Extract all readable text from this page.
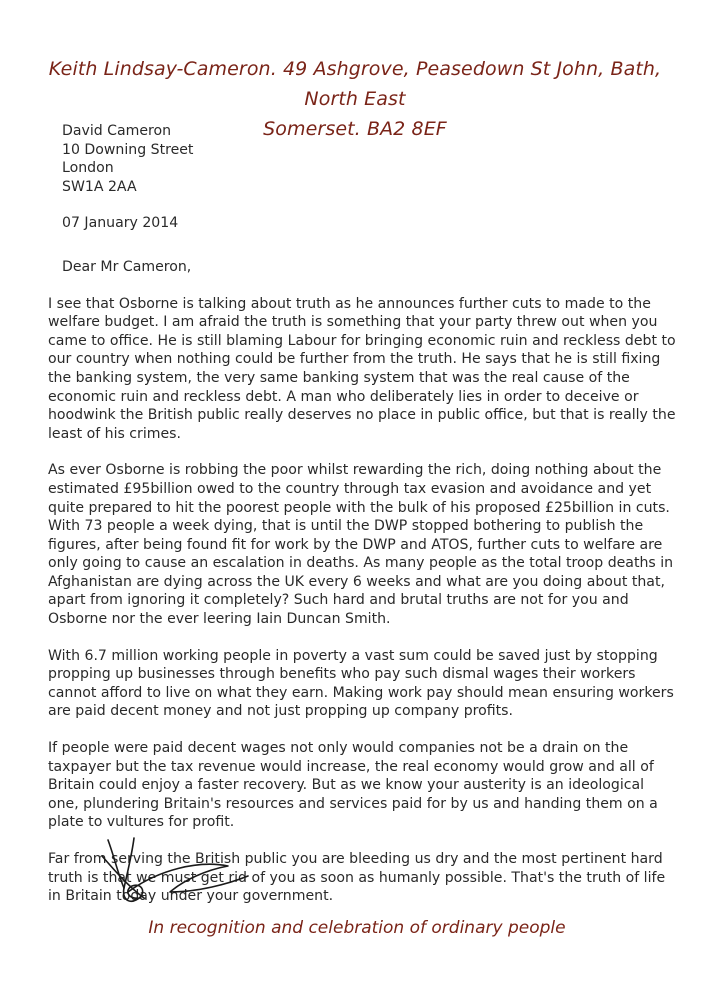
Keith Lindsay-Cameron. 49 Ashgrove, Peasedown St John, Bath, North East
Somerset. BA2 8EF
David Cameron
10 Downing Street
London
SW1A 2AA
07 January 2014
Dear Mr Cameron,

I see that Osborne is talking about truth as he announces further cuts to made to the welfare budget. I am afraid the truth is something that your party threw out when you came to office. He is still blaming Labour for bringing economic ruin and reckless debt to our country when nothing could be further from the truth. He says that he is still fixing the banking system, the very same banking system that was the real cause of the economic ruin and reckless debt. A man who deliberately lies in order to deceive or hoodwink the British public really deserves no place in public office, but that is really the least of his crimes.

As ever Osborne is robbing the poor whilst rewarding the rich, doing nothing about the estimated £95billion owed to the country through tax evasion and avoidance and yet quite prepared to hit the poorest people with the bulk of his proposed £25billion in cuts. With 73 people a week dying, that is until the DWP stopped bothering to publish the figures, after being found fit for work by the DWP and ATOS, further cuts to welfare are only going to cause an escalation in deaths. As many people as the total troop deaths in Afghanistan are dying across the UK every 6 weeks and what are you doing about that, apart from ignoring it completely? Such hard and brutal truths are not for you and Osborne nor the ever leering Iain Duncan Smith.

With 6.7 million working people in poverty a vast sum could be saved just by stopping propping up businesses through benefits who pay such dismal wages their workers cannot afford to live on what they earn. Making work pay should mean ensuring workers are paid decent money and not just propping up company profits.

If people were paid decent wages not only would companies not be a drain on the taxpayer but the tax revenue would increase, the real economy would grow and all of Britain could enjoy a faster recovery. But as we know your austerity is an ideological one, plundering Britain's resources and services paid for by us and handing them on a plate to vultures for profit.

Far from serving the British public you are bleeding us dry and the most pertinent hard truth is that we must get rid of you as soon as humanly possible. That's the truth of life in Britain today under your government.

In recognition and celebration of ordinary people
